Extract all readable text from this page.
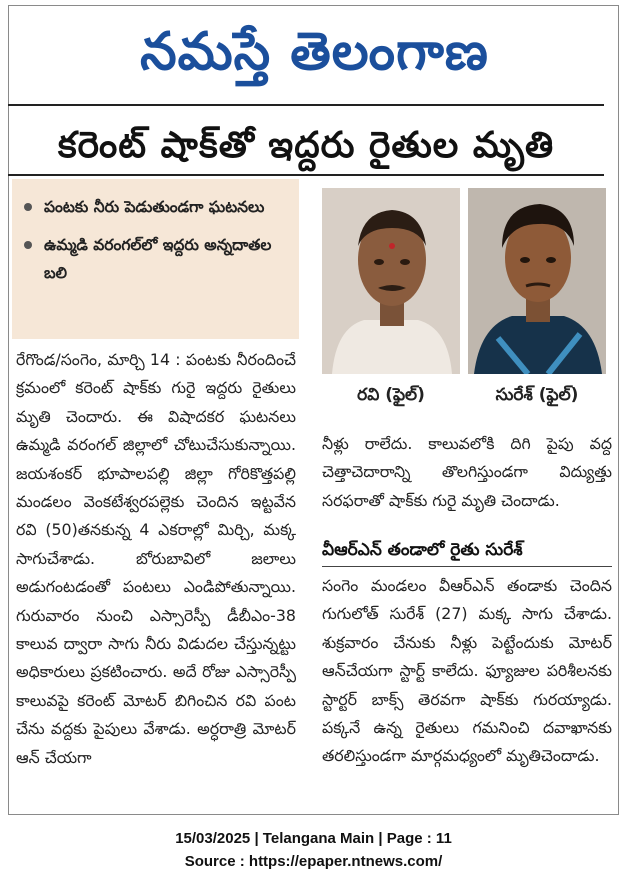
నమస్తే తెలంగాణ
కరెంట్ షాక్‌తో ఇద్దరు రైతుల మృతి
పంటకు నీరు పెడుతుండగా ఘటనలు
ఉమ్మడి వరంగల్‌లో ఇద్దరు అన్నదాతల బలి

రేగొండ/సంగెం, మార్చి 14 : పంటకు నీరందించే క్రమంలో కరెంట్ షాక్‌కు గురై ఇద్దరు రైతులు మృతి చెందారు. ఈ విషాదకర ఘటనలు ఉమ్మడి వరంగల్ జిల్లాలో చోటుచేసుకున్నాయి. జయశంకర్ భూపాలపల్లి జిల్లా గోరికొత్తపల్లి మండలం వెంకటేశ్వరపల్లెకు చెందిన ఇట్టవేన రవి (50)తనకున్న 4 ఎకరాల్లో మిర్చి, మక్క సాగుచేశాడు. బోరుబావిలో జలాలు అడుగంటడంతో పంటలు ఎండిపోతున్నాయి. గురువారం నుంచి ఎస్సారెస్పీ డీబీఎం-38 కాలువ ద్వారా సాగు నీరు విడుదల చేస్తున్నట్టు అధికారులు ప్రకటించారు. అదే రోజు ఎస్సారెస్పీ కాలువపై కరెంట్ మోటర్ బిగించిన రవి పంట చేను వద్దకు పైపులు వేశాడు. అర్ధరాత్రి మోటర్ ఆన్ చేయగా

రవి (ఫైల్)	సురేశ్ (ఫైల్)

నీళ్లు రాలేదు. కాలువలోకి దిగి పైపు వద్ద చెత్తాచెదారాన్ని తొలగిస్తుండగా విద్యుత్తు సరఫరాతో షాక్‌కు గురై మృతి చెందాడు.

వీఆర్‌ఎన్ తండాలో రైతు సురేశ్

సంగెం మండలం వీఆర్‌ఎన్ తండాకు చెందిన గుగులోత్ సురేశ్ (27) మక్క సాగు చేశాడు. శుక్రవారం చేనుకు నీళ్లు పెట్టేందుకు మోటర్ ఆన్‌చేయగా స్టార్ట్ కాలేదు. ఫ్యూజుల పరిశీలనకు స్టార్టర్ బాక్స్ తెరవగా షాక్‌కు గురయ్యాడు. పక్కనే ఉన్న రైతులు గమనించి దవాఖానకు తరలిస్తుండగా మార్గమధ్యంలో మృతిచెందాడు.

15/03/2025 | Telangana Main | Page : 11
Source : https://epaper.ntnews.com/
